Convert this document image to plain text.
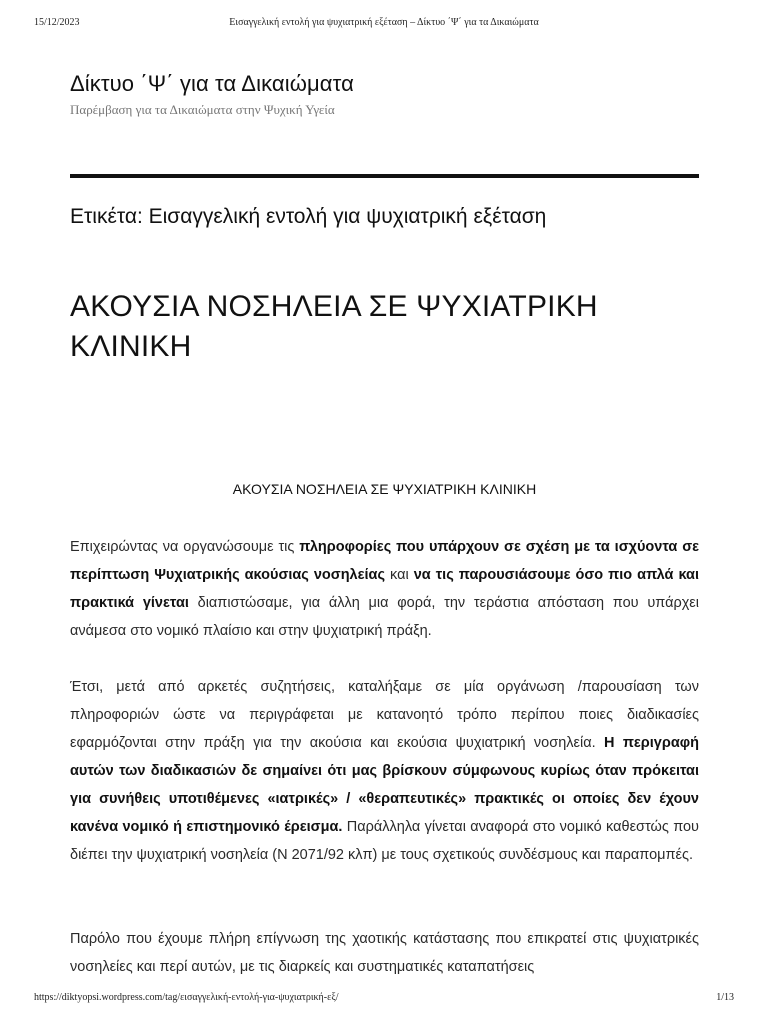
15/12/2023	Εισαγγελική εντολή για ψυχιατρική εξέταση – Δίκτυο ΄Ψ΄ για τα Δικαιώματα
Δίκτυο ΄Ψ΄ για τα Δικαιώματα

Παρέμβαση για τα Δικαιώματα στην Ψυχική Υγεία

Ετικέτα: Εισαγγελική εντολή για ψυχιατρική εξέταση
ΑΚΟΥΣΙΑ ΝΟΣΗΛΕΙΑ ΣΕ ΨΥΧΙΑΤΡΙΚΗ ΚΛΙΝΙΚΗ
ΑΚΟΥΣΙΑ ΝΟΣΗΛΕΙΑ ΣΕ ΨΥΧΙΑΤΡΙΚΗ ΚΛΙΝΙΚΗ

Επιχειρώντας να οργανώσουμε τις πληροφορίες που υπάρχουν σε σχέση με τα ισχύοντα σε περίπτωση Ψυχιατρικής ακούσιας νοσηλείας και να τις παρουσιάσουμε όσο πιο απλά και πρακτικά γίνεται διαπιστώσαμε, για άλλη μια φορά, την τεράστια απόσταση που υπάρχει ανάμεσα στο νομικό πλαίσιο και στην ψυχιατρική πράξη.

Έτσι, μετά από αρκετές συζητήσεις, καταλήξαμε σε μία οργάνωση /παρουσίαση των πληροφοριών ώστε να περιγράφεται με κατανοητό τρόπο περίπου ποιες διαδικασίες εφαρμόζονται στην πράξη για την ακούσια και εκούσια ψυχιατρική νοσηλεία. Η περιγραφή αυτών των διαδικασιών δε σημαίνει ότι μας βρίσκουν σύμφωνους κυρίως όταν πρόκειται για συνήθεις υποτιθέμενες «ιατρικές» / «θεραπευτικές» πρακτικές οι οποίες δεν έχουν κανένα νομικό ή επιστημονικό έρεισμα. Παράλληλα γίνεται αναφορά στο νομικό καθεστώς που διέπει την ψυχιατρική νοσηλεία (Ν 2071/92 κλπ) με τους σχετικούς συνδέσμους και παραπομπές.

Παρόλο που έχουμε πλήρη επίγνωση της χαοτικής κατάστασης που επικρατεί στις ψυχιατρικές νοσηλείες και περί αυτών, με τις διαρκείς και συστηματικές καταπατήσεις

https://diktyopsi.wordpress.com/tag/εισαγγελική-εντολή-για-ψυχιατρική-εξ/	1/13
